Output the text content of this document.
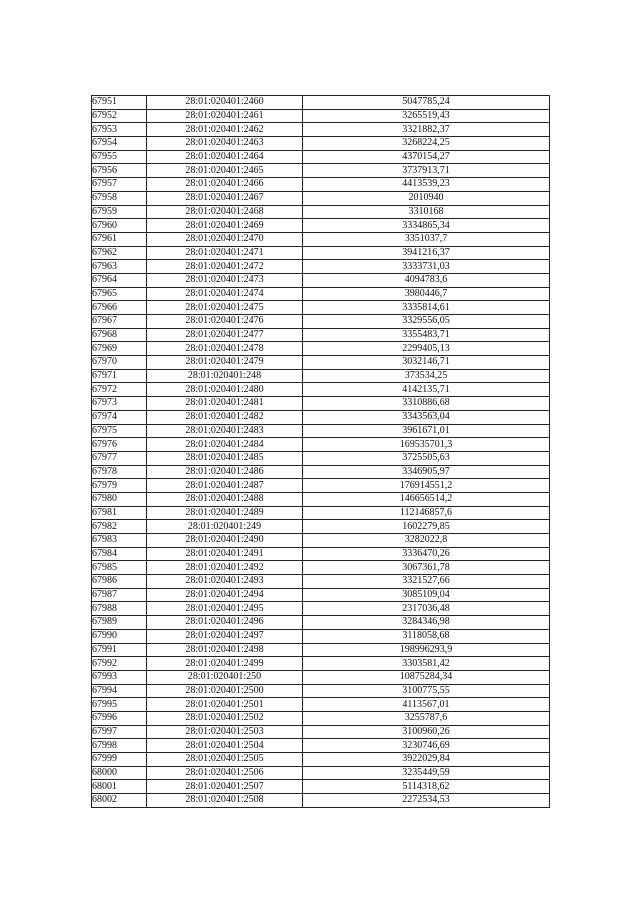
67951	28:01:020401:2460	5047785,24
67952	28:01:020401:2461	3265519,43
67953	28:01:020401:2462	3321882,37
67954	28:01:020401:2463	3268224,25
67955	28:01:020401:2464	4370154,27
67956	28:01:020401:2465	3737913,71
67957	28:01:020401:2466	4413539,23
67958	28:01:020401:2467	2010940
67959	28:01:020401:2468	3310168
67960	28:01:020401:2469	3334865,34
67961	28:01:020401:2470	3351037,7
67962	28:01:020401:2471	3941216,37
67963	28:01:020401:2472	3333731,03
67964	28:01:020401:2473	4094783,6
67965	28:01:020401:2474	3980446,7
67966	28:01:020401:2475	3335814,61
67967	28:01:020401:2476	3329556,05
67968	28:01:020401:2477	3355483,71
67969	28:01:020401:2478	2299405,13
67970	28:01:020401:2479	3032146,71
67971	28:01:020401:248	373534,25
67972	28:01:020401:2480	4142135,71
67973	28:01:020401:2481	3310886,68
67974	28:01:020401:2482	3343563,04
67975	28:01:020401:2483	3961671,01
67976	28:01:020401:2484	169535701,3
67977	28:01:020401:2485	3725505,63
67978	28:01:020401:2486	3346905,97
67979	28:01:020401:2487	176914551,2
67980	28:01:020401:2488	146656514,2
67981	28:01:020401:2489	112146857,6
67982	28:01:020401:249	1602279,85
67983	28:01:020401:2490	3282022,8
67984	28:01:020401:2491	3336470,26
67985	28:01:020401:2492	3067361,78
67986	28:01:020401:2493	3321527,66
67987	28:01:020401:2494	3085109,04
67988	28:01:020401:2495	2317036,48
67989	28:01:020401:2496	3284346,98
67990	28:01:020401:2497	3118058,68
67991	28:01:020401:2498	198996293,9
67992	28:01:020401:2499	3303581,42
67993	28:01:020401:250	10875284,34
67994	28:01:020401:2500	3100775,55
67995	28:01:020401:2501	4113567,01
67996	28:01:020401:2502	3255787,6
67997	28:01:020401:2503	3100960,26
67998	28:01:020401:2504	3230746,69
67999	28:01:020401:2505	3922029,84
68000	28:01:020401:2506	3235449,59
68001	28:01:020401:2507	5114318,62
68002	28:01:020401:2508	2272534,53
